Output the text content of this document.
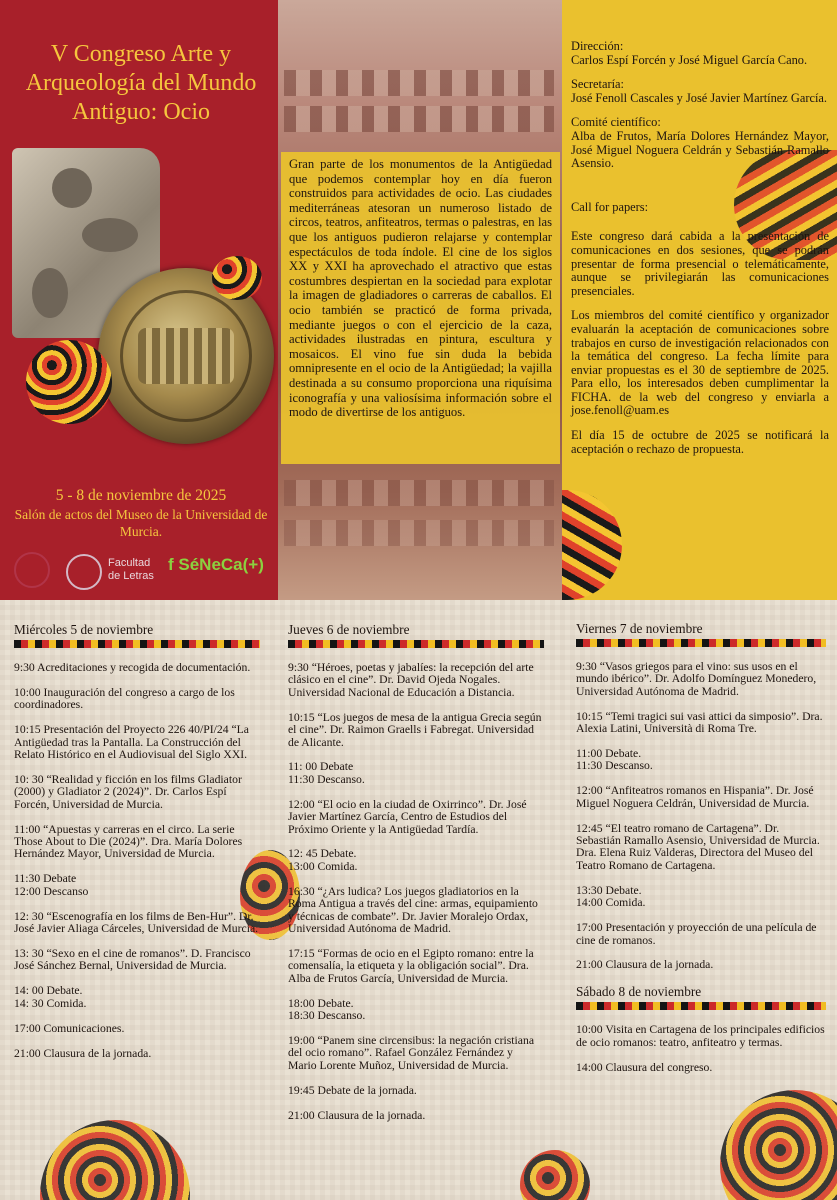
V Congreso Arte y Arqueología del Mundo Antiguo: Ocio
5 - 8 de noviembre de 2025
Salón de actos del Museo de la Universidad de Murcia.
Facultad de Letras
f SéNeCa(+)

Gran parte de los monumentos de la Antigüedad que podemos contemplar hoy en día fueron construidos para actividades de ocio. Las ciudades mediterráneas atesoran un numeroso listado de circos, teatros, anfiteatros, termas o palestras, en las que los antiguos pudieron relajarse y contemplar espectáculos de toda índole. El cine de los siglos XX y XXI ha aprovechado el atractivo que estas costumbres despiertan en la sociedad para explotar la imagen de gladiadores o carreras de caballos. El ocio también se practicó de forma privada, mediante juegos o con el ejercicio de la caza, actividades ilustradas en pintura, escultura y mosaicos. El vino fue sin duda la bebida omnipresente en el ocio de la Antigüedad; la vajilla destinada a su consumo proporciona una riquísima iconografía y una valiosísima información sobre el modo de divertirse de los antiguos.

Dirección:
Carlos Espí Forcén y José Miguel García Cano.

Secretaría:
José Fenoll Cascales y José Javier Martínez García.

Comité científico:
Alba de Frutos, María Dolores Hernández Mayor, José Miguel Noguera Celdrán y Sebastián Ramallo Asensio.

Call for papers:

Este congreso dará cabida a la presentación de comunicaciones en dos sesiones, que se podrán presentar de forma presencial o telemáticamente, aunque se privilegiarán las comunicaciones presenciales.

Los miembros del comité científico y organizador evaluarán la aceptación de comunicaciones sobre trabajos en curso de investigación relacionados con la temática del congreso. La fecha límite para enviar propuestas es el 30 de septiembre de 2025. Para ello, los interesados deben cumplimentar la FICHA. de la web del congreso y enviarla a jose.fenoll@uam.es

El día 15 de octubre de 2025 se notificará la aceptación o rechazo de propuesta.

Miércoles 5 de noviembre
9:30 Acreditaciones y recogida de documentación.
10:00 Inauguración del congreso a cargo de los coordinadores.
10:15 Presentación del Proyecto 226 40/PI/24 “La Antigüedad tras la Pantalla. La Construcción del Relato Histórico en el Audiovisual del Siglo XXI.
10: 30 “Realidad y ficción en los films Gladiator (2000) y Gladiator 2 (2024)”. Dr. Carlos Espí Forcén, Universidad de Murcia.
11:00 “Apuestas y carreras en el circo. La serie Those About to Die (2024)”. Dra. María Dolores Hernández Mayor, Universidad de Murcia.
11:30 Debate
12:00 Descanso
12: 30 “Escenografía en los films de Ben-Hur”. Dr. José Javier Aliaga Cárceles, Universidad de Murcia.
13: 30 “Sexo en el cine de romanos”. D. Francisco José Sánchez Bernal, Universidad de Murcia.
14: 00 Debate.
14: 30 Comida.
17:00 Comunicaciones.
21:00 Clausura de la jornada.
Jueves 6 de noviembre
9:30 “Héroes, poetas y jabalíes: la recepción del arte clásico en el cine”. Dr. David Ojeda Nogales. Universidad Nacional de Educación a Distancia.
10:15 “Los juegos de mesa de la antigua Grecia según el cine”. Dr. Raimon Graells i Fabregat. Universidad de Alicante.
11: 00 Debate
11:30 Descanso.
12:00 “El ocio en la ciudad de Oxirrinco”. Dr. José Javier Martínez García, Centro de Estudios del Próximo Oriente y la Antigüedad Tardía.
12: 45 Debate.
13:00 Comida.
16:30 “¿Ars ludica? Los juegos gladiatorios en la Roma Antigua a través del cine: armas, equipamiento y técnicas de combate”. Dr. Javier Moralejo Ordax, Universidad Autónoma de Madrid.
17:15 “Formas de ocio en el Egipto romano: entre la comensalía, la etiqueta y la obligación social”. Dra. Alba de Frutos García, Universidad de Murcia.
18:00 Debate.
18:30 Descanso.
19:00 “Panem sine circensibus: la negación cristiana del ocio romano”. Rafael González Fernández y Mario Lorente Muñoz, Universidad de Murcia.
19:45 Debate de la jornada.
21:00 Clausura de la jornada.
Viernes 7 de noviembre
9:30 “Vasos griegos para el vino: sus usos en el mundo ibérico”. Dr. Adolfo Domínguez Monedero, Universidad Autónoma de Madrid.
10:15 “Temi tragici sui vasi attici da simposio”. Dra. Alexia Latini, Università di Roma Tre.
11:00 Debate.
11:30 Descanso.
12:00 “Anfiteatros romanos en Hispania”. Dr. José Miguel Noguera Celdrán, Universidad de Murcia.
12:45 “El teatro romano de Cartagena”. Dr. Sebastián Ramallo Asensio, Universidad de Murcia. Dra. Elena Ruiz Valderas, Directora del Museo del Teatro Romano de Cartagena.
13:30 Debate.
14:00 Comida.
17:00 Presentación y proyección de una película de cine de romanos.
21:00 Clausura de la jornada.
Sábado 8 de noviembre
10:00 Visita en Cartagena de los principales edificios de ocio romanos: teatro, anfiteatro y termas.
14:00 Clausura del congreso.
